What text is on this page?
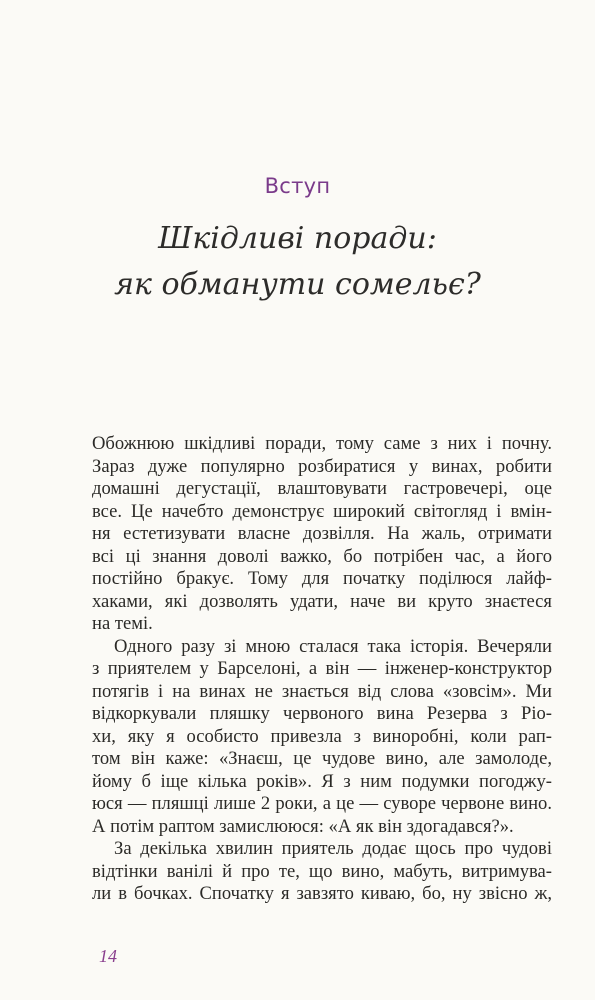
Вступ
Шкідливі поради:
як обманути сомельє?
Обожнюю шкідливі поради, тому саме з них і почну.
Зараз дуже популярно розбиратися у винах, робити
домашні дегустації, влаштовувати гастровечері, оце
все. Це начебто демонструє широкий світогляд і вмін-
ня естетизувати власне дозвілля. На жаль, отримати
всі ці знання доволі важко, бо потрібен час, а його
постійно бракує. Тому для початку поділюся лайф-
хаками, які дозволять удати, наче ви круто знаєтеся
на темі.
Одного разу зі мною сталася така історія. Вечеряли
з приятелем у Барселоні, а він — інженер-конструктор
потягів і на винах не знається від слова «зовсім». Ми
відкоркували пляшку червоного вина Резерва з Ріо-
хи, яку я особисто привезла з винoробні, коли рап-
том він каже: «Знаєш, це чудове вино, але замолоде,
йому б іще кілька років». Я з ним подумки погоджу-
юся — пляшці лише 2 роки, а це — суворе червоне вино.
А потім раптом замислююся: «А як він здогадався?».
За декілька хвилин приятель додає щось про чудові
відтінки ванілі й про те, що вино, мабуть, витримува-
ли в бочках. Спочатку я завзято киваю, бо, ну звісно ж,
14
